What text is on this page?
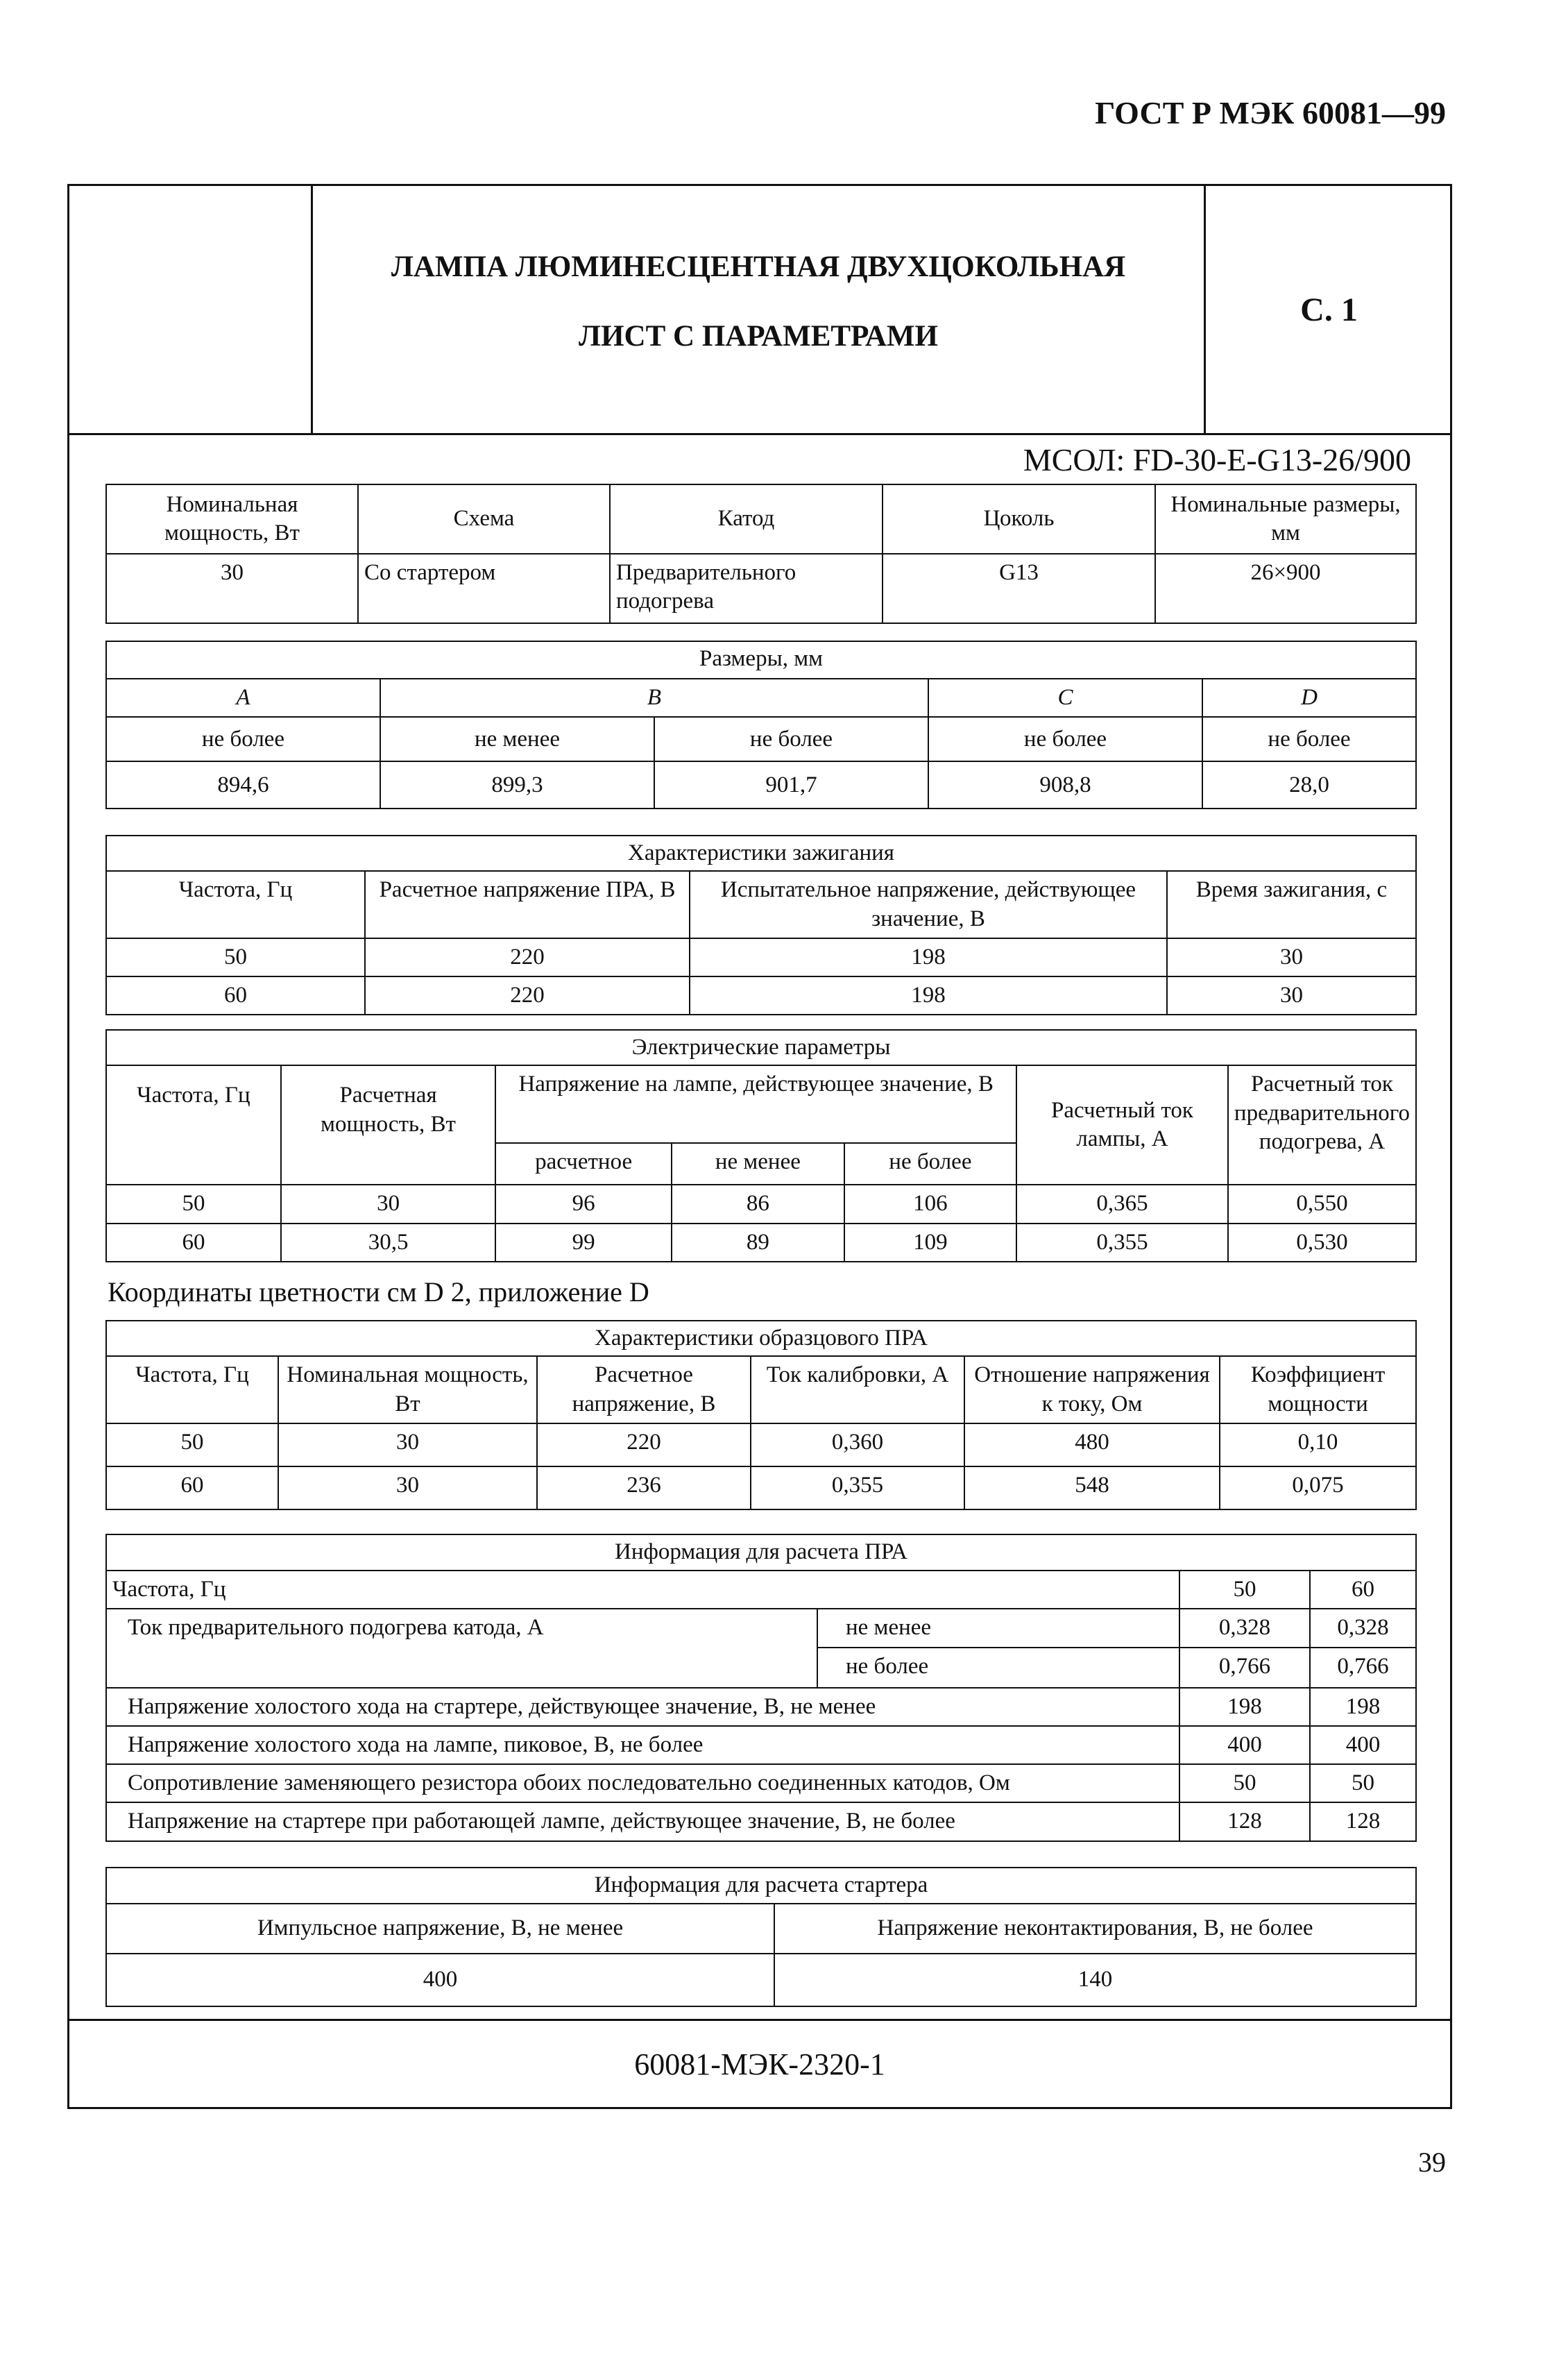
ГОСТ Р МЭК 60081—99
ЛАМПА ЛЮМИНЕСЦЕНТНАЯ ДВУХЦОКОЛЬНАЯ
ЛИСТ С ПАРАМЕТРАМИ
С. 1
МСОЛ: FD-30-E-G13-26/900
60081-МЭК-2320-1
Номинальная мощность, Вт	Схема	Катод	Цоколь	Номинальные размеры, мм
30	Со стартером	Предварительного подогрева	G13	26×900
Размеры, мм				
A	B		C	D
не более	не менее	не более	не более	не более
894,6	899,3	901,7	908,8	28,0
Характеристики зажигания			
Частота, Гц	Расчетное напряжение ПРА, В	Испытательное напряжение, действующее значение, В	Время зажигания, с
50	220	198	30
60	220	198	30
Электрические параметры						
Частота, Гц	Расчетная мощность, Вт	Напряжение на лампе, действующее значение, В			Расчетный ток лампы, А	Расчетный ток предварительного подогрева, А
		расчетное	не менее	не более		
50	30	96	86	106	0,365	0,550
60	30,5	99	89	109	0,355	0,530
Координаты цветности см D 2, приложение D
Характеристики образцового ПРА					
Частота, Гц	Номинальная мощность, Вт	Расчетное напряжение, В	Ток калибровки, А	Отношение напряжения к току, Ом	Коэффициент мощности
50	30	220	0,360	480	0,10
60	30	236	0,355	548	0,075
Информация для расчета ПРА			
Частота, Гц		50	60
Ток предварительного подогрева катода, А	не менее	0,328	0,328
	не более	0,766	0,766
Напряжение холостого хода на стартере, действующее значение, В, не менее		198	198
Напряжение холостого хода на лампе, пиковое, В, не более		400	400
Сопротивление заменяющего резистора обоих последовательно соединенных катодов, Ом		50	50
Напряжение на стартере при работающей лампе, действующее значение, В, не более		128	128
Информация для расчета стартера	
Импульсное напряжение, В, не менее	Напряжение неконтактирования, В, не более
400	140
39
